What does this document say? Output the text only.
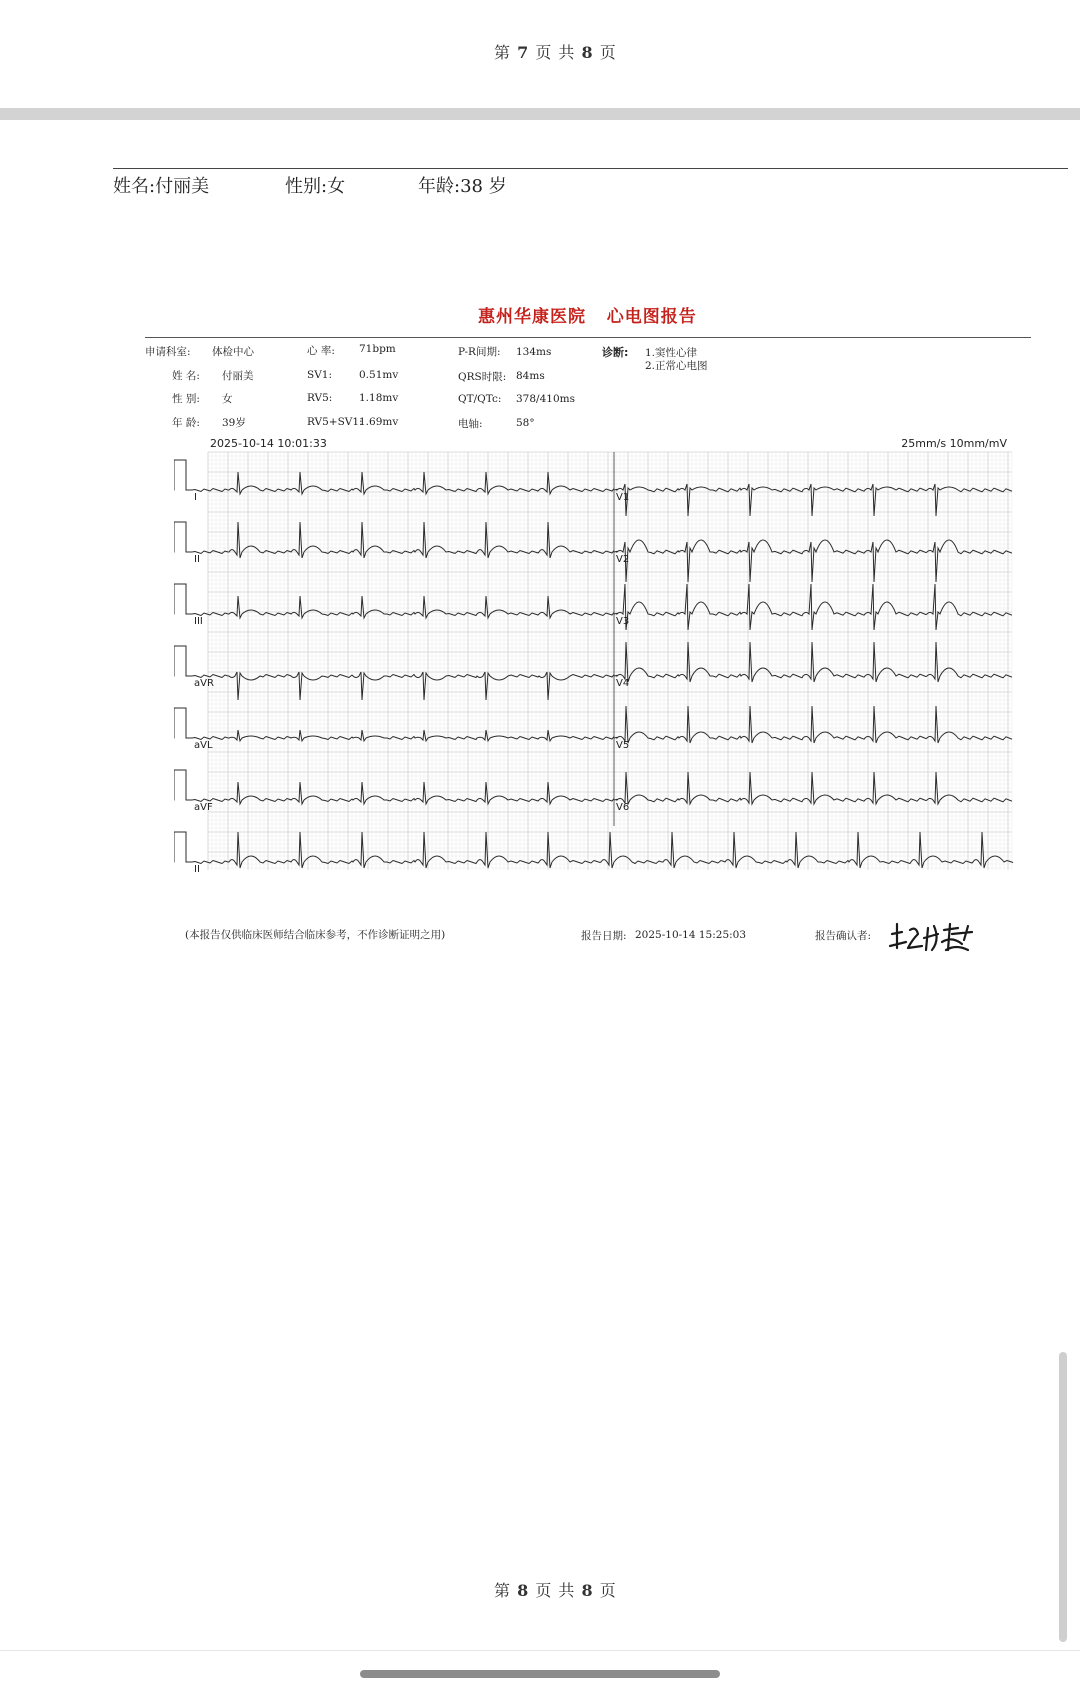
第 7 页 共 8 页
姓名:付丽美	性别:女	年龄:38 岁
惠州华康医院   心电图报告
申请科室: 体检中心
姓 名: 付丽美
性 别: 女
年 龄: 39岁
心 率: 71bpm
SV1:	0.51mv
RV5:	1.18mv
RV5+SV1:
1.69mv
P-R间期: 134ms
QRS时限: 84ms
QT/QTc: 378/410ms
电轴:	58°
诊断: 1.窦性心律
2.正常心电图
2025-10-14 10:01:33	25mm/s 10mm/mV
V1
I
V2
II
V3
III
V4
aVR
V5
aVL
V6
aVF
II
(本报告仅供临床医师结合临床参考，不作诊断证明之用)	报告日期: 2025-10-14 15:25:03	报告确认者:
第 8 页 共 8 页
